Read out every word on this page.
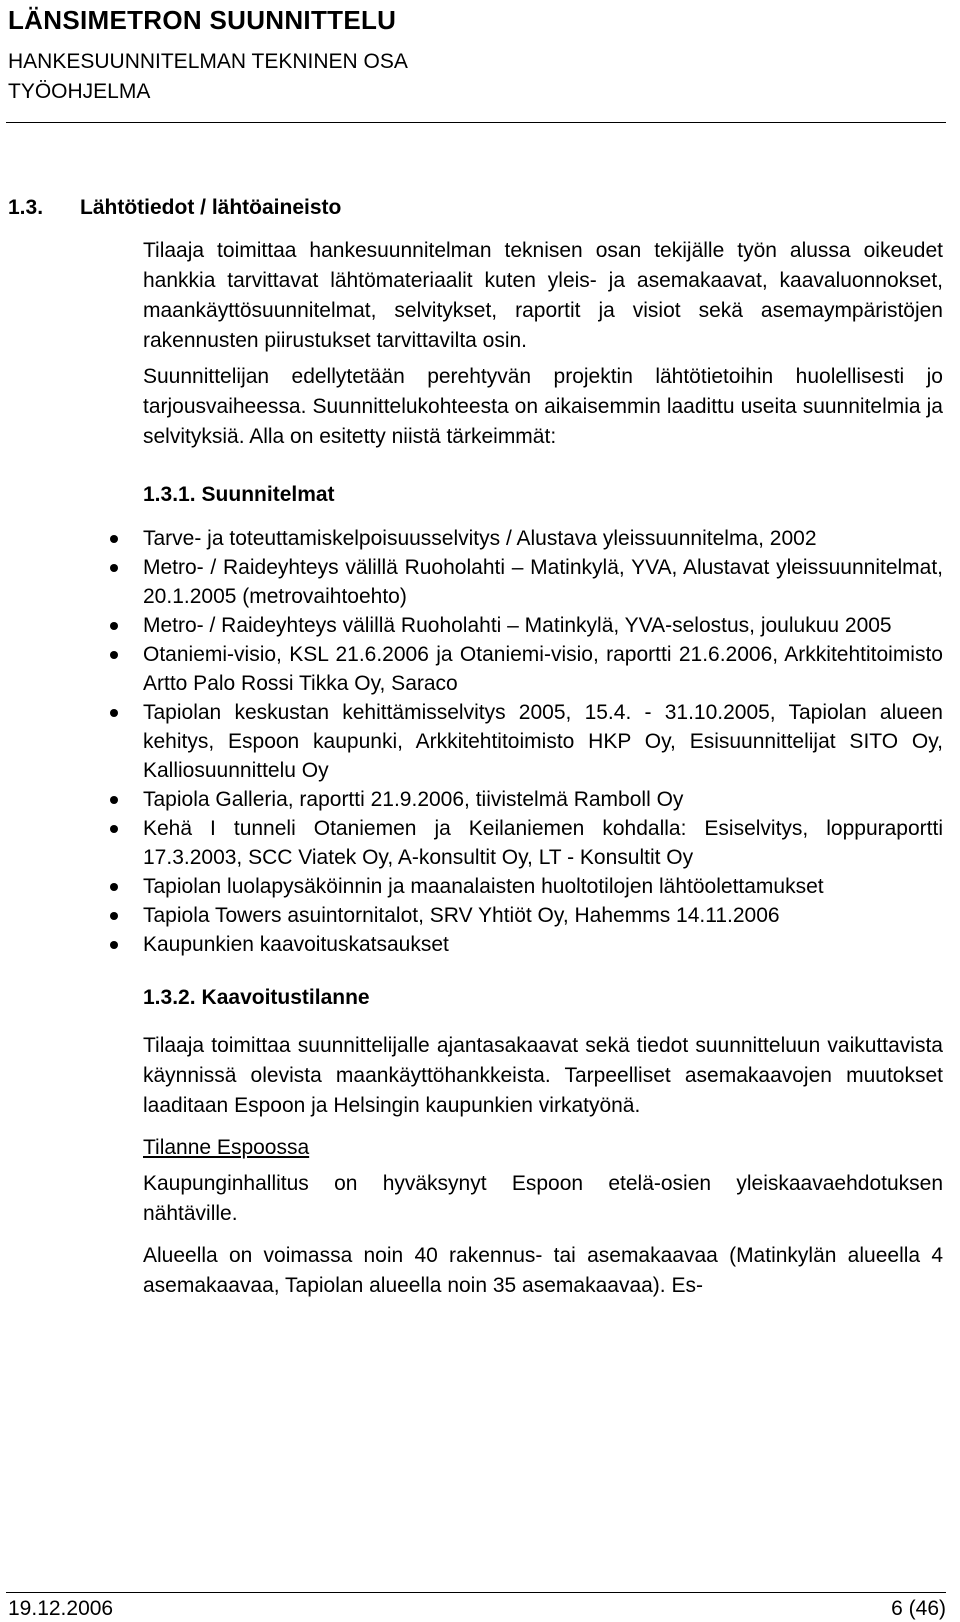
LÄNSIMETRON SUUNNITTELU
HANKESUUNNITELMAN TEKNINEN OSA
TYÖOHJELMA
1.3. Lähtötiedot / lähtöaineisto

Tilaaja toimittaa hankesuunnitelman teknisen osan tekijälle työn alussa oikeudet hankkia tarvittavat lähtömateriaalit kuten yleis- ja asemakaavat, kaavaluonnokset, maankäyttösuunnitelmat, selvitykset, raportit ja visiot sekä asemaympäristöjen rakennusten piirustukset tarvittavilta osin.

Suunnittelijan edellytetään perehtyvän projektin lähtötietoihin huolellisesti jo tarjousvaiheessa. Suunnittelukohteesta on aikaisemmin laadittu useita suunnitelmia ja selvityksiä. Alla on esitetty niistä tärkeimmät:

1.3.1. Suunnitelmat
Tarve- ja toteuttamiskelpoisuusselvitys / Alustava yleissuunnitelma, 2002
Metro- / Raideyhteys välillä Ruoholahti – Matinkylä, YVA, Alustavat yleissuunnitelmat, 20.1.2005 (metrovaihtoehto)
Metro- / Raideyhteys välillä Ruoholahti – Matinkylä, YVA-selostus, joulukuu 2005
Otaniemi-visio, KSL 21.6.2006 ja Otaniemi-visio, raportti 21.6.2006, Arkkitehtitoimisto Artto Palo Rossi Tikka Oy, Saraco
Tapiolan keskustan kehittämisselvitys 2005, 15.4. - 31.10.2005, Tapiolan alueen kehitys, Espoon kaupunki, Arkkitehtitoimisto HKP Oy, Esisuunnittelijat SITO Oy, Kalliosuunnittelu Oy
Tapiola Galleria, raportti 21.9.2006, tiivistelmä Ramboll Oy
Kehä I tunneli Otaniemen ja Keilaniemen kohdalla: Esiselvitys, loppuraportti 17.3.2003, SCC Viatek Oy, A-konsultit Oy, LT - Konsultit Oy
Tapiolan luolapysäköinnin ja maanalaisten huoltotilojen lähtöolettamukset
Tapiola Towers asuintornitalot, SRV Yhtiöt Oy, Hahemms 14.11.2006
Kaupunkien kaavoituskatsaukset
1.3.2. Kaavoitustilanne

Tilaaja toimittaa suunnittelijalle ajantasakaavat sekä tiedot suunnitteluun vaikuttavista käynnissä olevista maankäyttöhankkeista. Tarpeelliset asemakaavojen muutokset laaditaan Espoon ja Helsingin kaupunkien virkatyönä.

Tilanne Espoossa

Kaupunginhallitus on hyväksynyt Espoon etelä-osien yleiskaavaehdotuksen nähtäville.

Alueella on voimassa noin 40 rakennus- tai asemakaavaa (Matinkylän alueella 4 asemakaavaa, Tapiolan alueella noin 35 asemakaavaa). Es-

19.12.2006	6 (46)
